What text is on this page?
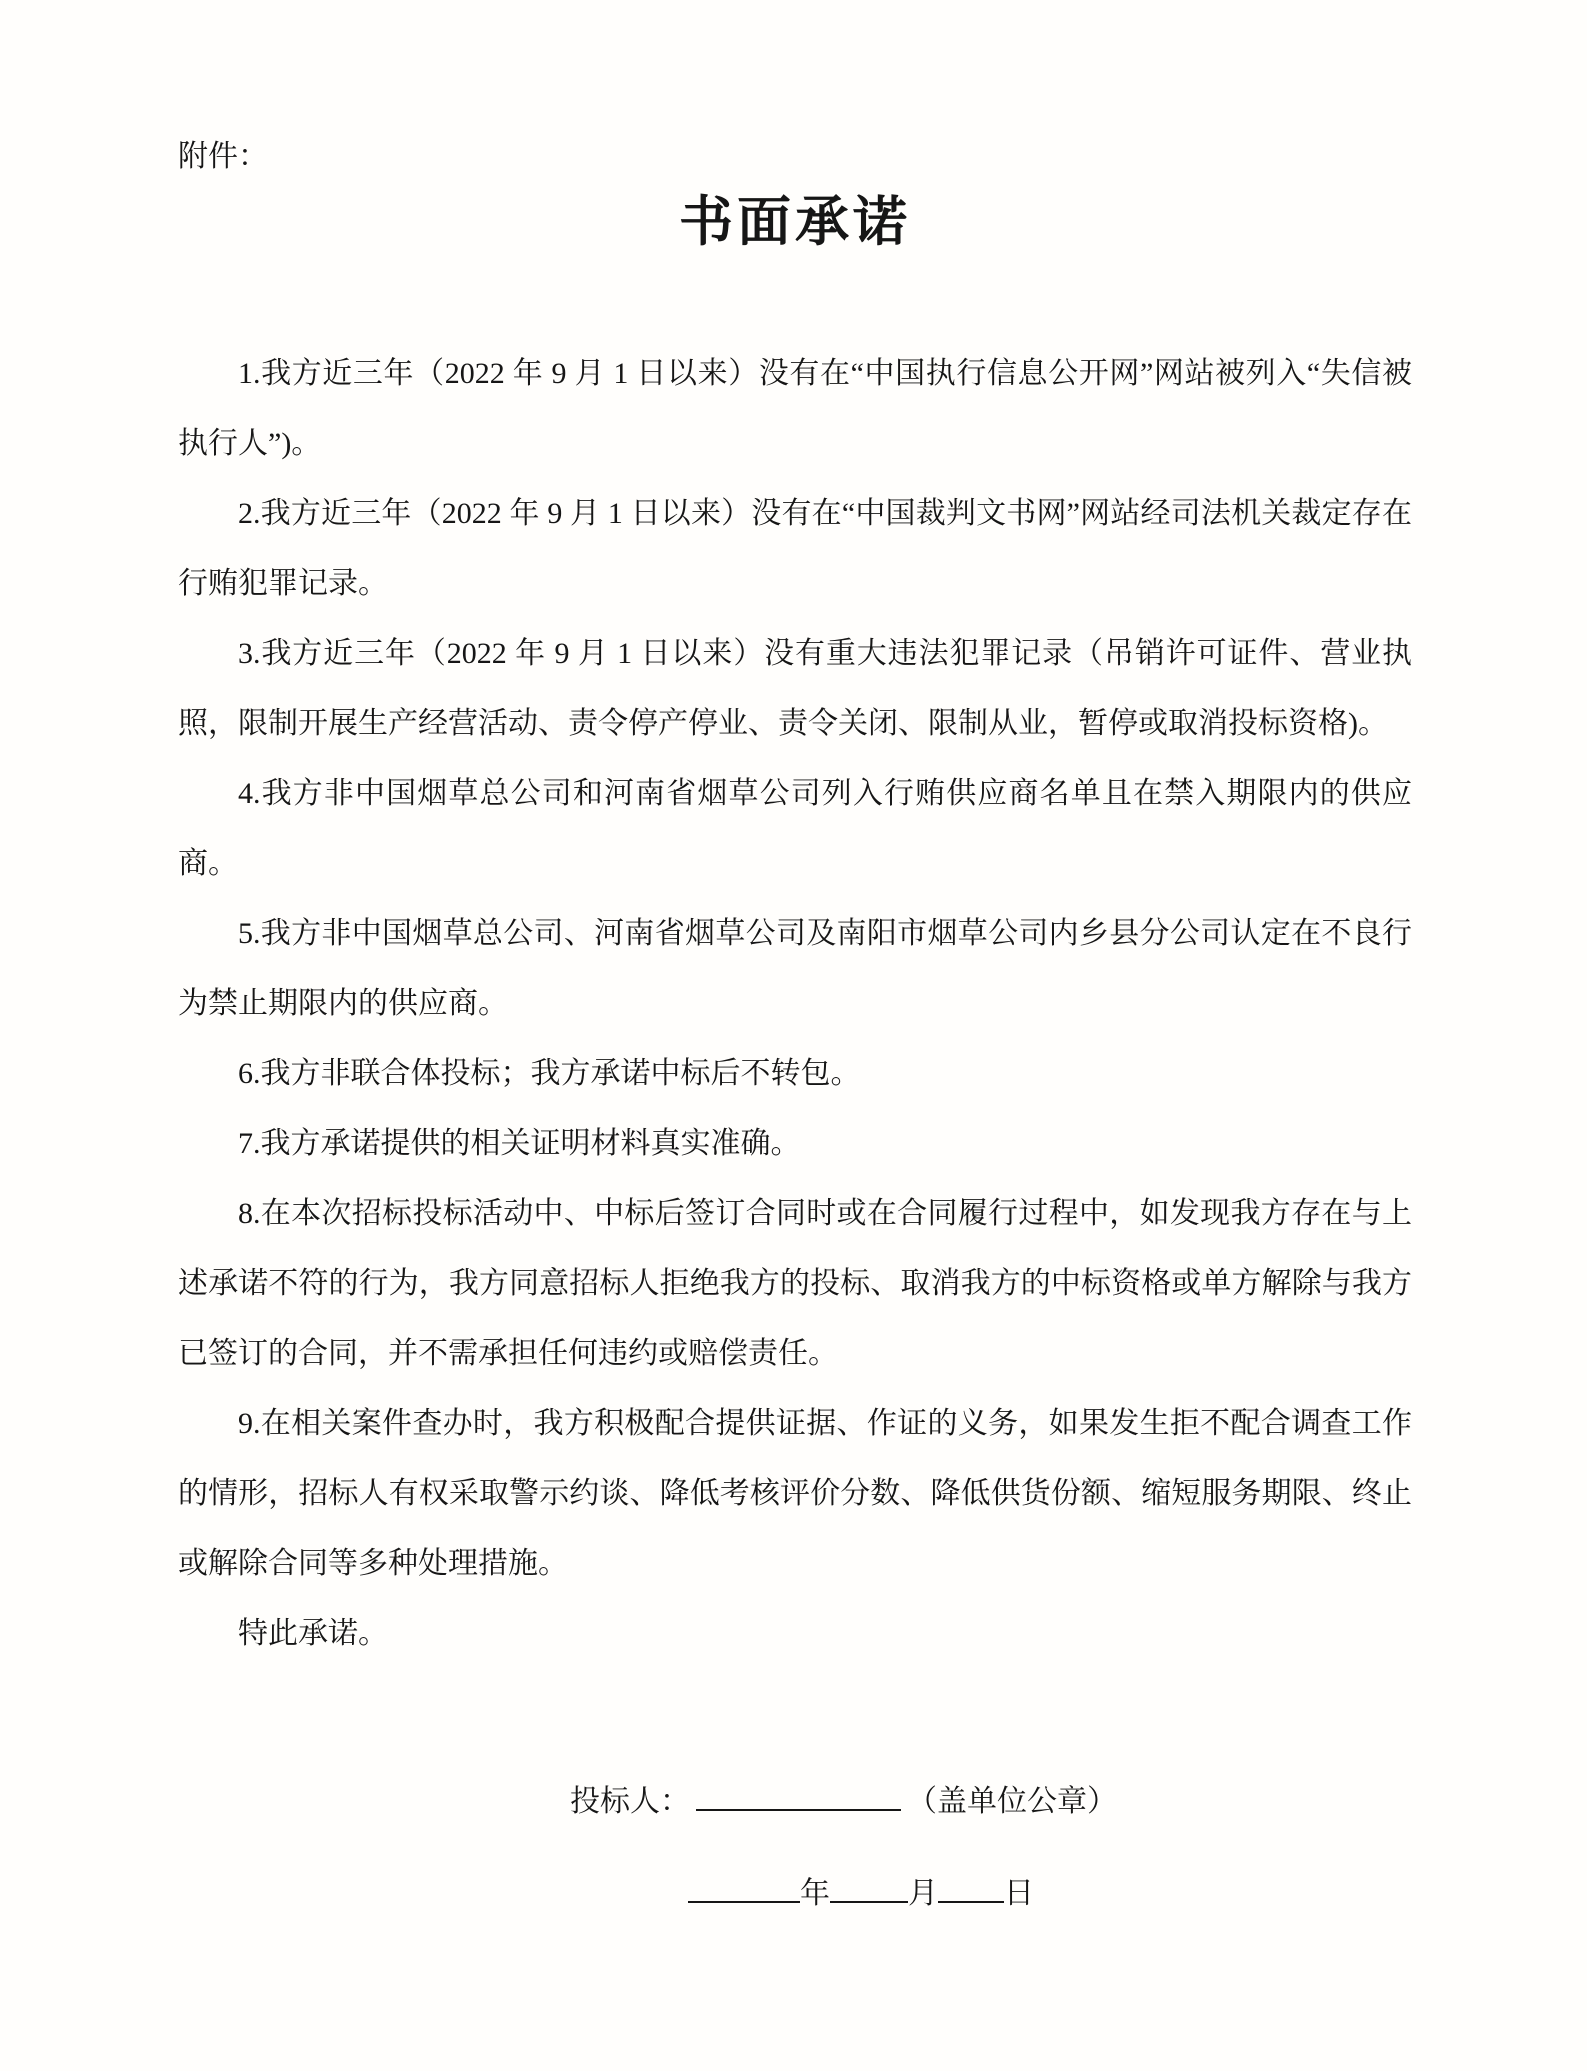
附件：

书面承诺

1.我方近三年（2022 年 9 月 1 日以来）没有在“中国执行信息公开网”网站被列入“失信被执行人”)。

2.我方近三年（2022 年 9 月 1 日以来）没有在“中国裁判文书网”网站经司法机关裁定存在行贿犯罪记录。

3.我方近三年（2022 年 9 月 1 日以来）没有重大违法犯罪记录（吊销许可证件、营业执照，限制开展生产经营活动、责令停产停业、责令关闭、限制从业，暂停或取消投标资格)。

4.我方非中国烟草总公司和河南省烟草公司列入行贿供应商名单且在禁入期限内的供应商。

5.我方非中国烟草总公司、河南省烟草公司及南阳市烟草公司内乡县分公司认定在不良行为禁止期限内的供应商。

6.我方非联合体投标；我方承诺中标后不转包。

7.我方承诺提供的相关证明材料真实准确。

8.在本次招标投标活动中、中标后签订合同时或在合同履行过程中，如发现我方存在与上述承诺不符的行为，我方同意招标人拒绝我方的投标、取消我方的中标资格或单方解除与我方已签订的合同，并不需承担任何违约或赔偿责任。

9.在相关案件查办时，我方积极配合提供证据、作证的义务，如果发生拒不配合调查工作的情形，招标人有权采取警示约谈、降低考核评价分数、降低供货份额、缩短服务期限、终止或解除合同等多种处理措施。

特此承诺。

投标人：	（盖单位公章）
年	月 日
